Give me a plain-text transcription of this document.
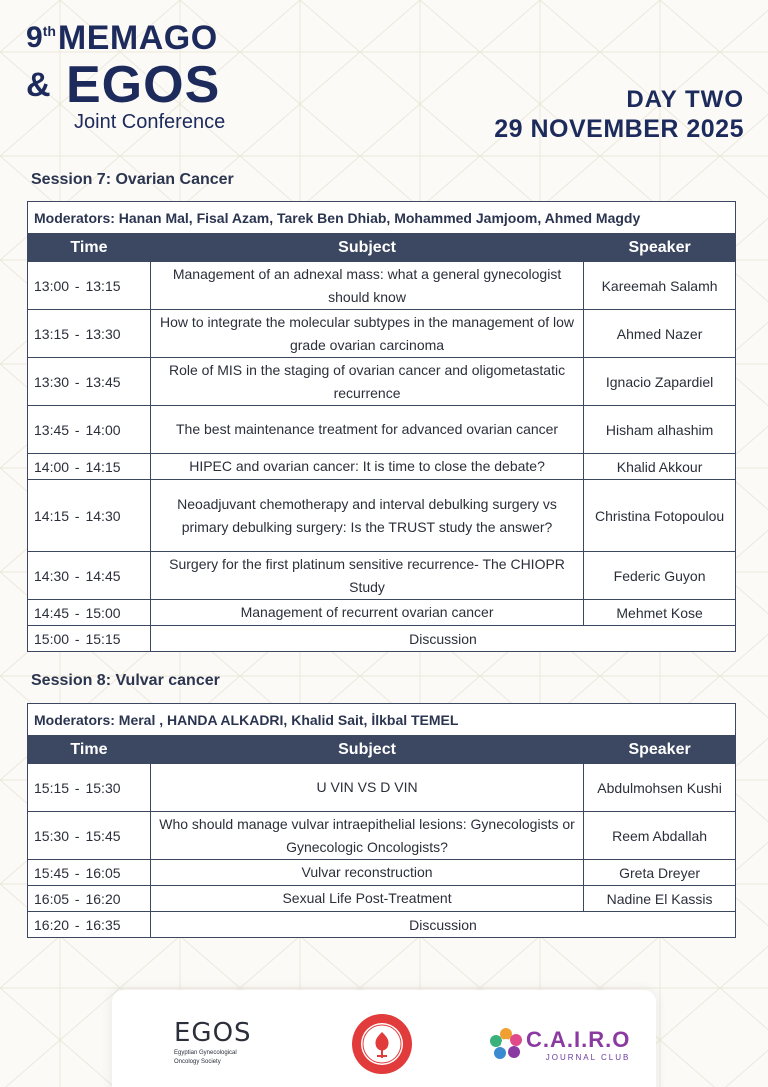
9 th MEMAGO
& EGOS
Joint Conference
DAY TWO
29 NOVEMBER 2025
Session 7: Ovarian Cancer
Moderators: Hanan Mal, Fisal Azam, Tarek Ben Dhiab, Mohammed Jamjoom, Ahmed Magdy		
Time	Subject	Speaker
13:00 - 13:15	Management of an adnexal mass: what a general gynecologist should know	Kareemah Salamh
13:15 - 13:30	How to integrate the molecular subtypes in the management of low grade ovarian carcinoma	Ahmed Nazer
13:30 - 13:45	Role of MIS in the staging of ovarian cancer and oligometastatic recurrence	Ignacio Zapardiel
13:45 - 14:00	The best maintenance treatment for advanced ovarian cancer	Hisham alhashim
14:00 - 14:15	HIPEC and ovarian cancer: It is time to close the debate?	Khalid Akkour
14:15 - 14:30	Neoadjuvant chemotherapy and interval debulking surgery vs primary debulking surgery: Is the TRUST study the answer?	Christina Fotopoulou
14:30 - 14:45	Surgery for the first platinum sensitive recurrence- The CHIOPR Study	Federic Guyon
14:45 - 15:00	Management of recurrent ovarian cancer	Mehmet Kose
15:00 - 15:15	Discussion	
Session 8: Vulvar cancer
Moderators: Meral , HANDA ALKADRI, Khalid Sait, İlkbal TEMEL		
Time	Subject	Speaker
15:15 - 15:30	U VIN VS D VIN	Abdulmohsen Kushi
15:30 - 15:45	Who should manage vulvar intraepithelial lesions: Gynecologists or Gynecologic Oncologists?	Reem Abdallah
15:45 - 16:05	Vulvar reconstruction	Greta Dreyer
16:05 - 16:20	Sexual Life Post-Treatment	Nadine El Kassis
16:20 - 16:35	Discussion	
EGOS
Egyptian Gynecological
Oncology Society
C.A.I.R.O
JOURNAL CLUB
